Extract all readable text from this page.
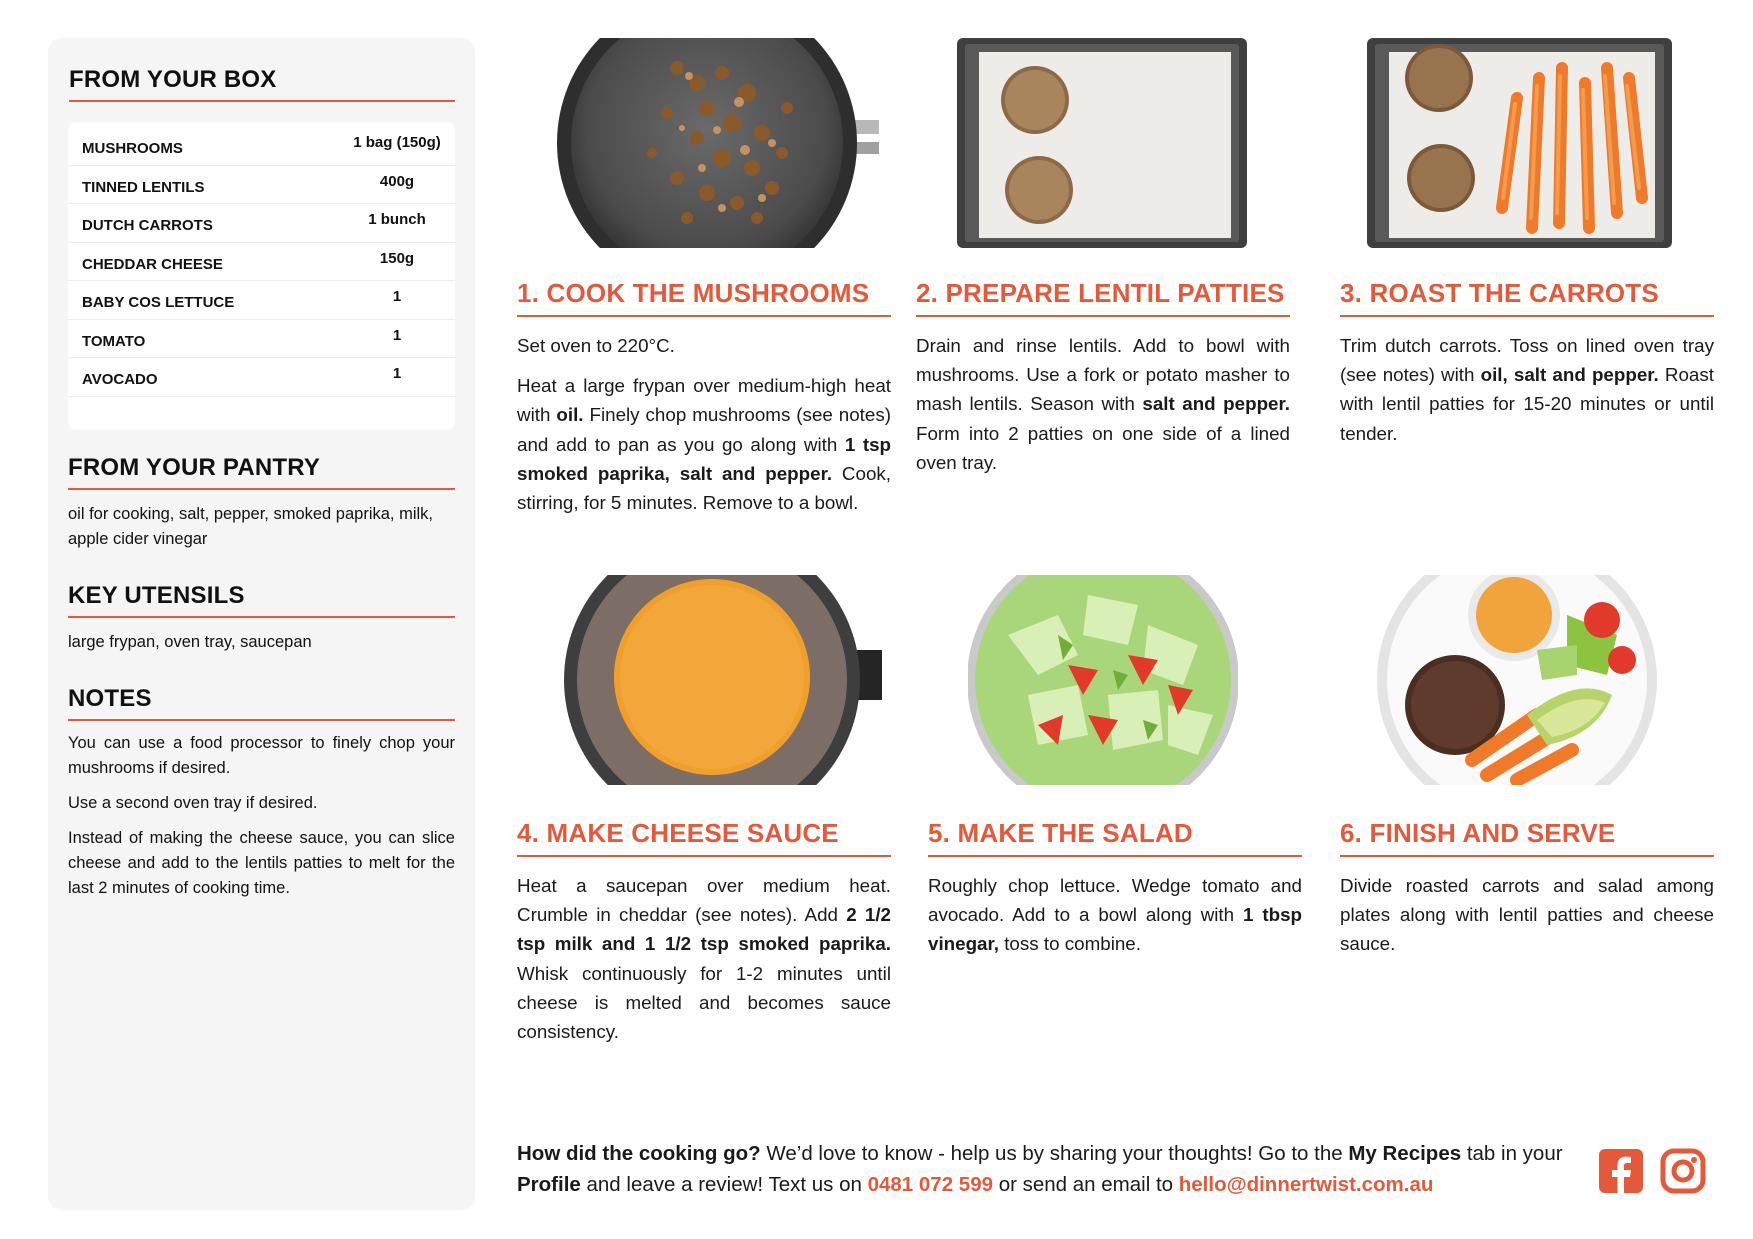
FROM YOUR BOX
MUSHROOMS	1 bag (150g)
TINNED LENTILS	400g
DUTCH CARROTS	1 bunch
CHEDDAR CHEESE	150g
BABY COS LETTUCE	1
TOMATO	1
AVOCADO	1
FROM YOUR PANTRY
oil for cooking, salt, pepper, smoked paprika, milk, apple cider vinegar
KEY UTENSILS
large frypan, oven tray, saucepan
NOTES

You can use a food processor to finely chop your mushrooms if desired.

Use a second oven tray if desired.

Instead of making the cheese sauce, you can slice cheese and add to the lentils patties to melt for the last 2 minutes of cooking time.

1. COOK THE MUSHROOMS

Set oven to 220°C.

Heat a large frypan over medium-high heat with oil. Finely chop mushrooms (see notes) and add to pan as you go along with 1 tsp smoked paprika, salt and pepper. Cook, stirring, for 5 minutes. Remove to a bowl.

2. PREPARE LENTIL PATTIES

Drain and rinse lentils. Add to bowl with mushrooms. Use a fork or potato masher to mash lentils. Season with salt and pepper. Form into 2 patties on one side of a lined oven tray.

3. ROAST THE CARROTS

Trim dutch carrots. Toss on lined oven tray (see notes) with oil, salt and pepper. Roast with lentil patties for 15-20 minutes or until tender.

4. MAKE CHEESE SAUCE

Heat a saucepan over medium heat. Crumble in cheddar (see notes). Add 2 1/2 tsp milk and 1 1/2 tsp smoked paprika. Whisk continuously for 1-2 minutes until cheese is melted and becomes sauce consistency.

5. MAKE THE SALAD

Roughly chop lettuce. Wedge tomato and avocado. Add to a bowl along with 1 tbsp vinegar, toss to combine.

6. FINISH AND SERVE

Divide roasted carrots and salad among plates along with lentil patties and cheese sauce.

How did the cooking go? We’d love to know - help us by sharing your thoughts! Go to the My Recipes tab in your Profile and leave a review! Text us on 0481 072 599 or send an email to hello@dinnertwist.com.au
